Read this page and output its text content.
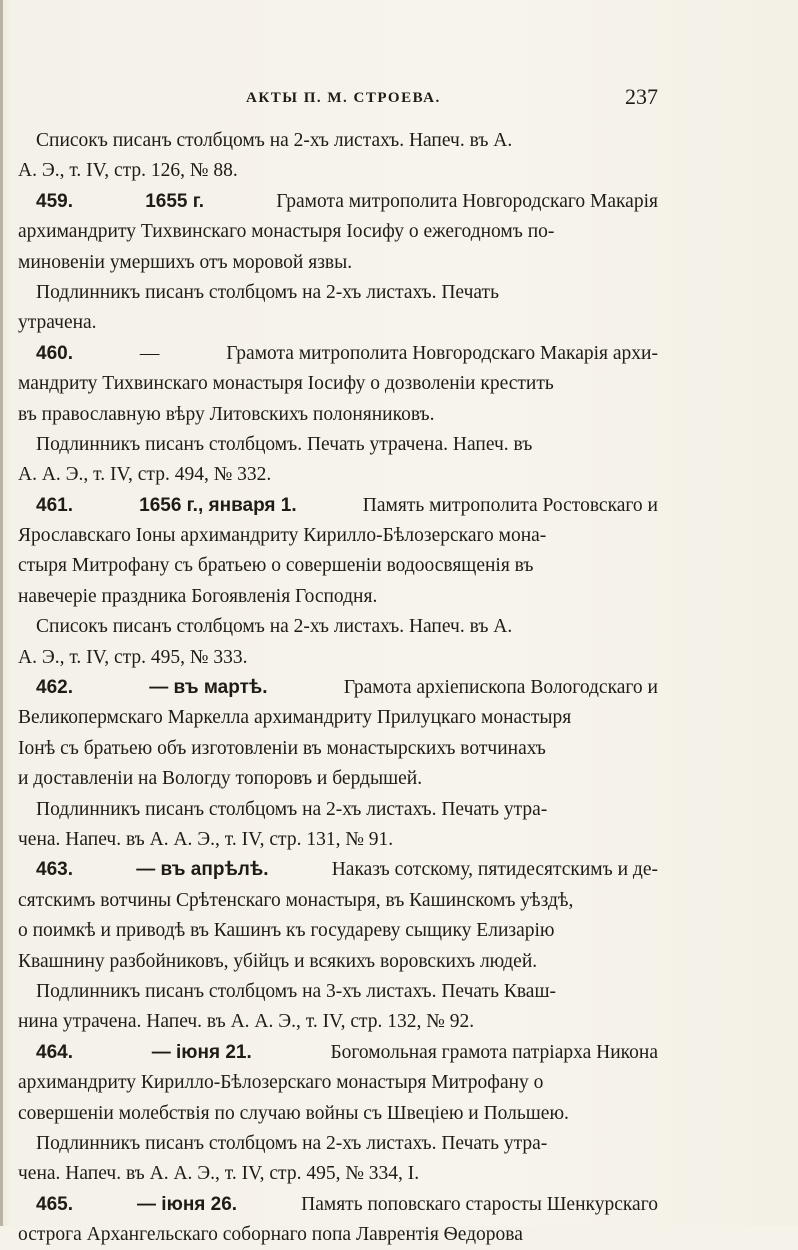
АКТЫ П. М. СТРОЕВА.	237
Списокъ писанъ столбцомъ на 2-хъ листахъ. Напеч. въ А.
А. Э., т. IV, стр. 126, № 88.
459.	1655 г.	Грамота митрополита Новгородскаго Макарія
архимандриту Тихвинскаго монастыря Іосифу о ежегодномъ по-
миновеніи умершихъ отъ моровой язвы.
Подлинникъ писанъ столбцомъ на 2-хъ листахъ. Печать
утрачена.
460.	—	Грамота митрополита Новгородскаго Макарія архи-
мандриту Тихвинскаго монастыря Іосифу о дозволеніи крестить
въ православную вѣру Литовскихъ полоняниковъ.
Подлинникъ писанъ столбцомъ. Печать утрачена. Напеч. въ
А. А. Э., т. IV, стр. 494, № 332.
461.	1656 г., января 1.	Память митрополита Ростовскаго и
Ярославскаго Іоны архимандриту Кирилло-Бѣлозерскаго мона-
стыря Митрофану съ братьею о совершеніи водоосвященія въ
навечеріе праздника Богоявленія Господня.
Списокъ писанъ столбцомъ на 2-хъ листахъ. Напеч. въ А.
А. Э., т. IV, стр. 495, № 333.
462.	— въ мартѣ.	Грамота архіепископа Вологодскаго и
Великопермскаго Маркелла архимандриту Прилуцкаго монастыря
Іонѣ съ братьею объ изготовленіи въ монастырскихъ вотчинахъ
и доставленіи на Вологду топоровъ и бердышей.
Подлинникъ писанъ столбцомъ на 2-хъ листахъ. Печать утра-
чена. Напеч. въ А. А. Э., т. IV, стр. 131, № 91.
463.	— въ апрѣлѣ.	Наказъ сотскому, пятидесятскимъ и де-
сятскимъ вотчины Срѣтенскаго монастыря, въ Кашинскомъ уѣздѣ,
о поимкѣ и приводѣ въ Кашинъ къ государеву сыщику Елизарію
Квашнину разбойниковъ, убійцъ и всякихъ воровскихъ людей.
Подлинникъ писанъ столбцомъ на 3-хъ листахъ. Печать Кваш-
нина утрачена. Напеч. въ А. А. Э., т. IV, стр. 132, № 92.
464.	— іюня 21.	Богомольная грамота патріарха Никона
архимандриту Кирилло-Бѣлозерскаго монастыря Митрофану о
совершеніи молебствія по случаю войны съ Швеціею и Польшею.
Подлинникъ писанъ столбцомъ на 2-хъ листахъ. Печать утра-
чена. Напеч. въ А. А. Э., т. IV, стр. 495, № 334, I.
465.	— іюня 26.	Память поповскаго старосты Шенкурскаго
острога Архангельскаго соборнаго попа Лаврентія Ѳедорова
